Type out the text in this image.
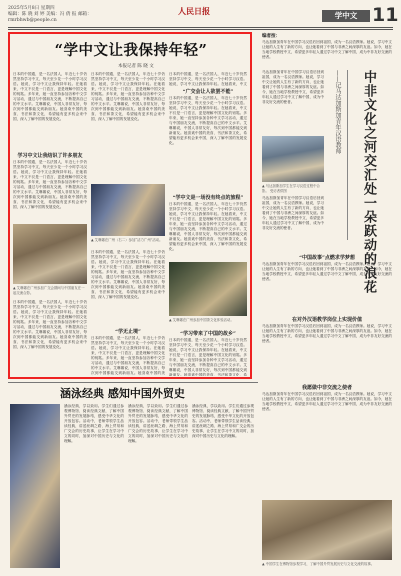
2025年5月8日 星期四
编辑：陈 晓 刘 婷 美编：冯 倩 报 邮箱：rmrbhwb@people.cn
人民日报	学中文 11
“学中文让我保持年轻”
本报记者 陈 晓 文
日本的中国通，是一名法国人，年近七十岁仍然坚持学习中文，每天至少花一个小时学习汉语。她说，学习中文让我保持年轻。在她看来，中文不仅是一门语言，更是理解中国文化的钥匙。多年来，她一直坚持参加各种中文学习活动，通过与中国朋友交流，不断提高自己的中文水平。艾琳娜说，中国人非常友好，每次到中国都能交到新朋友。她喜欢中国的美食、书法和茶文化，希望能有更多机会来中国，深入了解中国的发展变化。
学习中文让我结识了许多朋友
日本的中国通，是一名法国人，年近七十岁仍然坚持学习中文，每天至少花一个小时学习汉语。她说，学习中文让我保持年轻。在她看来，中文不仅是一门语言，更是理解中国文化的钥匙。多年来，她一直坚持参加各种中文学习活动，通过与中国朋友交流，不断提高自己的中文水平。艾琳娜说，中国人非常友好，每次到中国都能交到新朋友。她喜欢中国的美食、书法和茶文化，希望能有更多机会来中国，深入了解中国的发展变化。
▲ 艾琳娜在广州参加广交会期间与中国朋友在一起交流合影。
日本的中国通，是一名法国人，年近七十岁仍然坚持学习中文，每天至少花一个小时学习汉语。她说，学习中文让我保持年轻。在她看来，中文不仅是一门语言，更是理解中国文化的钥匙。多年来，她一直坚持参加各种中文学习活动，通过与中国朋友交流，不断提高自己的中文水平。艾琳娜说，中国人非常友好，每次到中国都能交到新朋友。她喜欢中国的美食、书法和茶文化，希望能有更多机会来中国，深入了解中国的发展变化。
日本的中国通，是一名法国人，年近七十岁仍然坚持学习中文，每天至少花一个小时学习汉语。她说，学习中文让我保持年轻。在她看来，中文不仅是一门语言，更是理解中国文化的钥匙。多年来，她一直坚持参加各种中文学习活动，通过与中国朋友交流，不断提高自己的中文水平。艾琳娜说，中国人非常友好，每次到中国都能交到新朋友。她喜欢中国的美食、书法和茶文化，希望能有更多机会来中国，深入了解中国的发展变化。
▲ 艾琳娜在广州（右二）参加“活力广州”活动。
日本的中国通，是一名法国人，年近七十岁仍然坚持学习中文，每天至少花一个小时学习汉语。她说，学习中文让我保持年轻。在她看来，中文不仅是一门语言，更是理解中国文化的钥匙。多年来，她一直坚持参加各种中文学习活动，通过与中国朋友交流，不断提高自己的中文水平。艾琳娜说，中国人非常友好，每次到中国都能交到新朋友。她喜欢中国的美食、书法和茶文化，希望能有更多机会来中国，深入了解中国的发展变化。
“学无止境”
日本的中国通，是一名法国人，年近七十岁仍然坚持学习中文，每天至少花一个小时学习汉语。她说，学习中文让我保持年轻。在她看来，中文不仅是一门语言，更是理解中国文化的钥匙。多年来，她一直坚持参加各种中文学习活动，通过与中国朋友交流，不断提高自己的中文水平。艾琳娜说，中国人非常友好，每次到中国都能交到新朋友。她喜欢中国的美
日本的中国通，是一名法国人，年近七十岁仍然坚持学习中文，每天至少花一个小时学习汉语。她说，学习中文让我保持年轻。在她看来，中文
“广交会让人欲罢不能”
日本的中国通，是一名法国人，年近七十岁仍然坚持学习中文，每天至少花一个小时学习汉语。她说，学习中文让我保持年轻。在她看来，中文不仅是一门语言，更是理解中国文化的钥匙。多年来，她一直坚持参加各种中文学习活动，通过与中国朋友交流，不断提高自己的中文水平。艾琳娜说，中国人非常友好，每次到中国都能交到新朋友。她喜欢中国的美食、书法和茶文化，希望能有更多机会来中国，深入了解中国的发展变化。
“学中文是一场没有终点的旅程”
日本的中国通，是一名法国人，年近七十岁仍然坚持学习中文，每天至少花一个小时学习汉语。她说，学习中文让我保持年轻。在她看来，中文不仅是一门语言，更是理解中国文化的钥匙。多年来，她一直坚持参加各种中文学习活动，通过与中国朋友交流，不断提高自己的中文水平。艾琳娜说，中国人非常友好，每次到中国都能交到新朋友。她喜欢中国的美食、书法和茶文化，希望能有更多机会来中国，深入了解中国的发展变化。
▲ 艾琳娜在广州参加中国茶文化体验活动。
“学习带来了中国的故乡”
日本的中国通，是一名法国人，年近七十岁仍然坚持学习中文，每天至少花一个小时学习汉语。她说，学习中文让我保持年轻。在她看来，中文不仅是一门语言，更是理解中国文化的钥匙。多年来，她一直坚持参加各种中文学习活动，通过与中国朋友交流，不断提高自己的中文水平。艾琳娜说，中国人非常友好，每次到中国都能交到新朋友。她喜欢中国的美食、书法和茶文化，希
编者按：
马达加斯加青年在中国学习汉语后回到祖国，成为一名汉语教师。她说，学习中文让她的人生有了新的方向，也让她看到了中国与非洲之间深厚的友谊。如今，她在当地学校教授中文，希望更多年轻人通过学习中文了解中国，成为中非友好交流的使者。
马达加斯加青年在中国学习汉语后回到祖国，成为一名汉语教师。她说，学习中文让她的人生有了新的方向，也让她看到了中国与非洲之间深厚的友谊。如今，她在当地学校教授中文，希望更多年轻人通过学习中文了解中国，成为中非友好交流的使者。	——记马达加斯加青年汉语教师	中非文化之河交汇处一朵跃动的浪花
▲ 马达加斯加学生在学习汉语过程中合影。 受访者供图
马达加斯加青年在中国学习汉语后回到祖国，成为一名汉语教师。她说，学习中文让她的人生有了新的方向，也让她看到了中国与非洲之间深厚的友谊。如今，她在当地学校教授中文，希望更多年轻人通过学习中文了解中国，成为中非友好交流的使者。
“中国故事”点燃求学梦想
马达加斯加青年在中国学习汉语后回到祖国，成为一名汉语教师。她说，学习中文让她的人生有了新的方向，也让她看到了中国与非洲之间深厚的友谊。如今，她在当地学校教授中文，希望更多年轻人通过学习中文了解中国，成为中非友好交流的使者。
在对外汉语教学岗位上实现价值
马达加斯加青年在中国学习汉语后回到祖国，成为一名汉语教师。她说，学习中文让她的人生有了新的方向，也让她看到了中国与非洲之间深厚的友谊。如今，她在当地学校教授中文，希望更多年轻人通过学习中文了解中国，成为中非友好交流的使者。
我愿做中非交流之使者
马达加斯加青年在中国学习汉语后回到祖国，成为一名汉语教师。她说，学习中文让她的人生有了新的方向，也让她看到了中国与非洲之间深厚的友谊。如今，她在当地学校教授中文，希望更多年轻人通过学习中文了解中国，成为中非友好交流的使者。
▲ 中国学生在博物馆参观学习，了解中国外贸发展历史与文化交流的故事。
涵泳经典 感知中国外贸史
涵泳经典，学以致用。学生们通过参观博物馆、阅读经典文献，了解中国外贸史的发展脉络，感受中华文化的开放包容。活动中，老师带领学生品读经典，讲述丝绸之路、海上贸易和广交会的历史故事，让学生在学习中文的同时，加深对中国历史与文化的理解。
涵泳经典，学以致用。学生们通过参观博物馆、阅读经典文献，了解中国外贸史的发展脉络，感受中华文化的开放包容。活动中，老师带领学生品读经典，讲述丝绸之路、海上贸易和广交会的历史故事，让学生在学习中文的同时，加深对中国历史与文化的理解。
涵泳经典，学以致用。学生们通过参观博物馆、阅读经典文献，了解中国外贸史的发展脉络，感受中华文化的开放包容。活动中，老师带领学生品读经典，讲述丝绸之路、海上贸易和广交会的历史故事，让学生在学习中文的同时，加深对中国历史与文化的理解。
